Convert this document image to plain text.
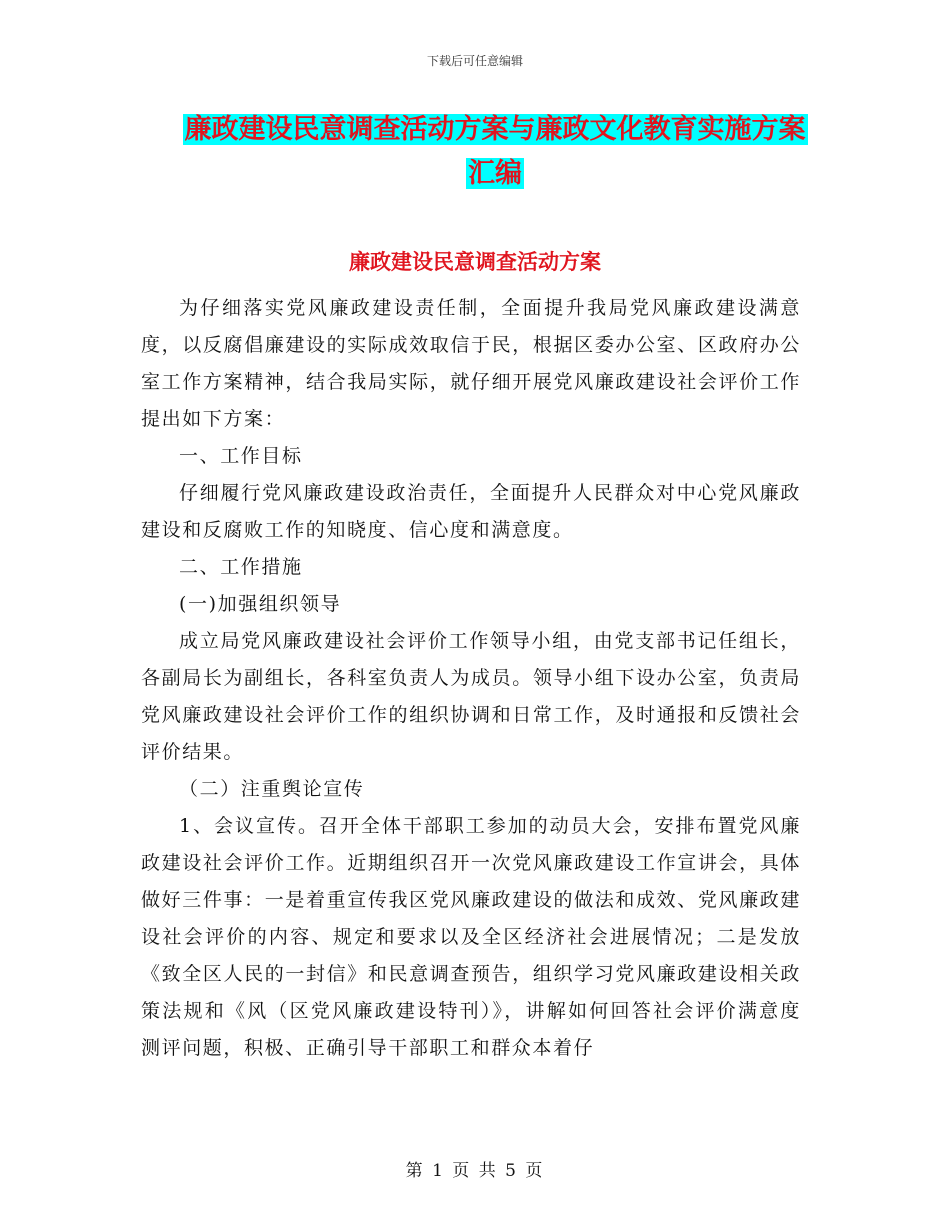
下载后可任意编辑
廉政建设民意调查活动方案与廉政文化教育实施方案
汇编
廉政建设民意调查活动方案

为仔细落实党风廉政建设责任制，全面提升我局党风廉政建设满意度，以反腐倡廉建设的实际成效取信于民，根据区委办公室、区政府办公室工作方案精神，结合我局实际，就仔细开展党风廉政建设社会评价工作提出如下方案：

一、工作目标

仔细履行党风廉政建设政治责任，全面提升人民群众对中心党风廉政建设和反腐败工作的知晓度、信心度和满意度。

二、工作措施

(一)加强组织领导

成立局党风廉政建设社会评价工作领导小组，由党支部书记任组长，各副局长为副组长，各科室负责人为成员。领导小组下设办公室，负责局党风廉政建设社会评价工作的组织协调和日常工作，及时通报和反馈社会评价结果。

（二）注重舆论宣传

1、会议宣传。召开全体干部职工参加的动员大会，安排布置党风廉政建设社会评价工作。近期组织召开一次党风廉政建设工作宣讲会，具体做好三件事：一是着重宣传我区党风廉政建设的做法和成效、党风廉政建设社会评价的内容、规定和要求以及全区经济社会进展情况；二是发放《致全区人民的一封信》和民意调查预告，组织学习党风廉政建设相关政策法规和《风（区党风廉政建设特刊）》，讲解如何回答社会评价满意度测评问题，积极、正确引导干部职工和群众本着仔

第 1 页 共 5 页
